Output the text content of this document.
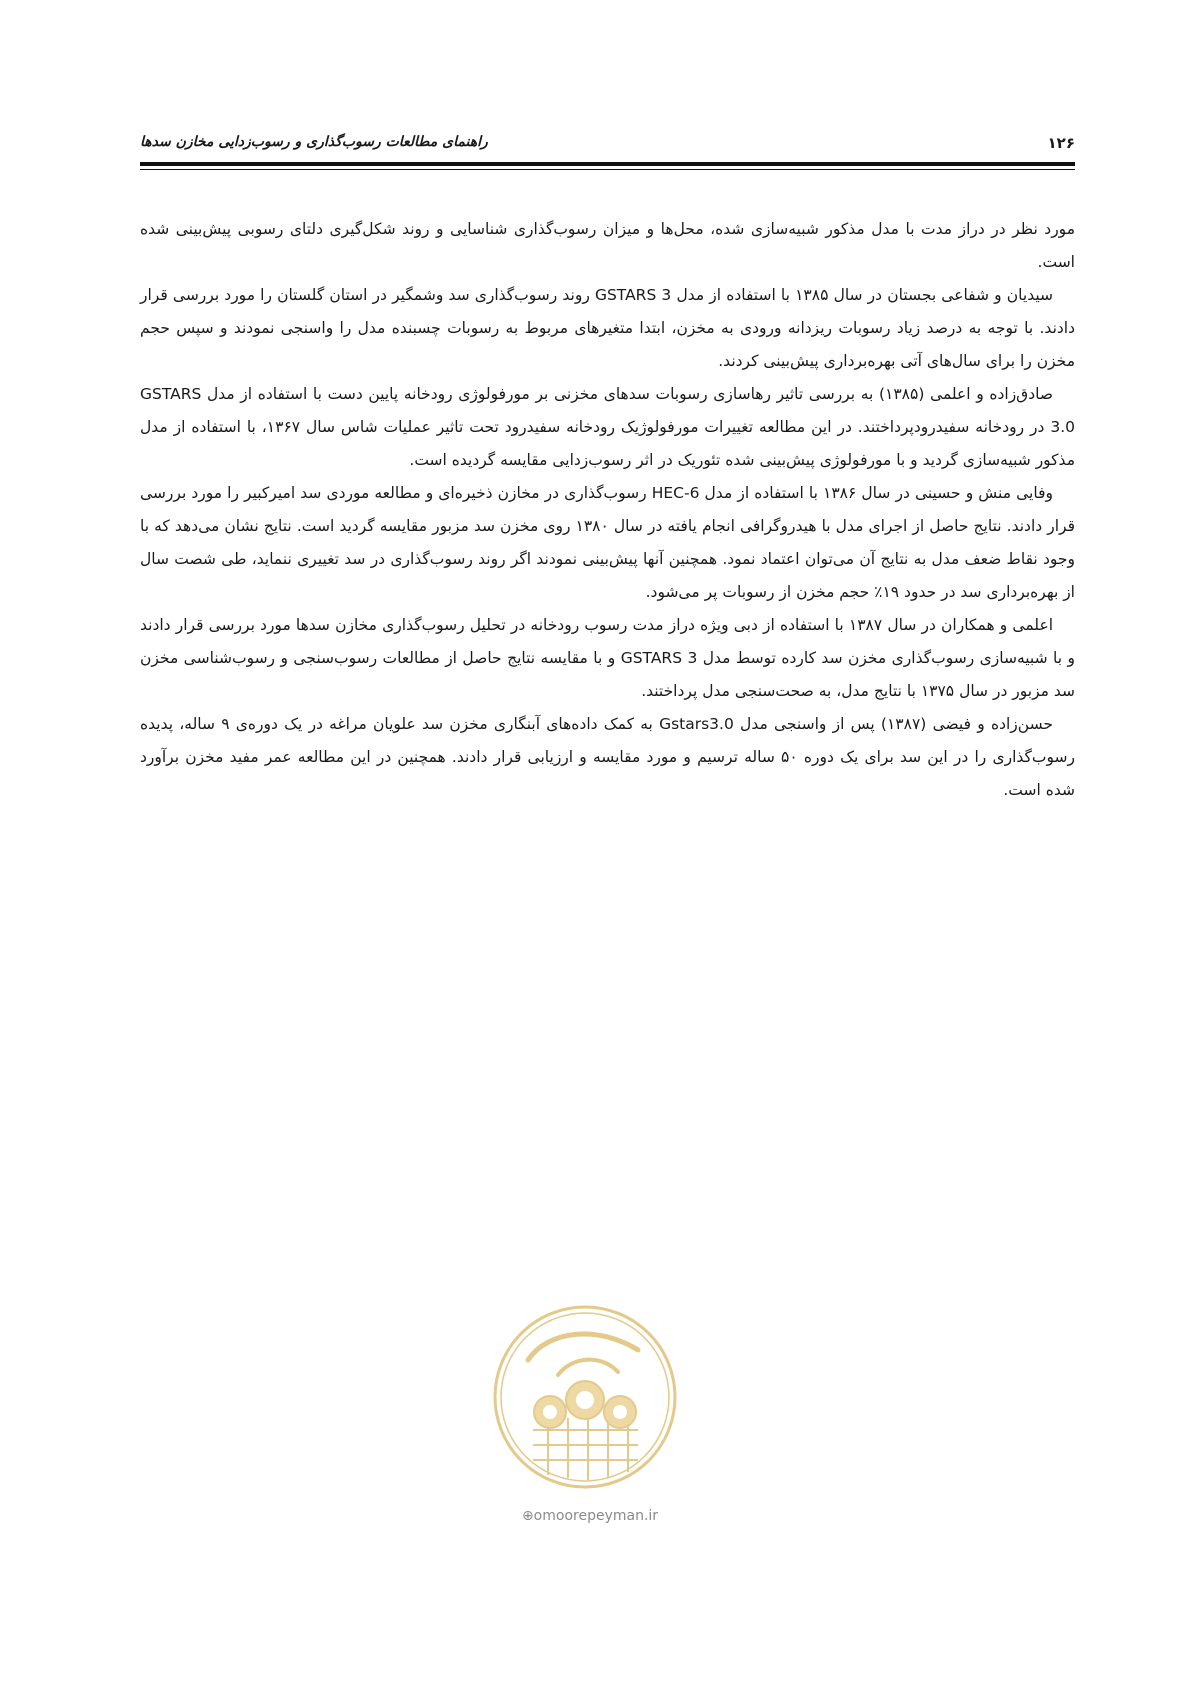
۱۲۶
راهنمای مطالعات رسوب‌گذاری و رسوب‌زدایی مخازن سدها

مورد نظر در دراز مدت با مدل مذکور شبیه‌سازی شده، محل‌ها و میزان رسوب‌گذاری شناسایی و روند شکل‌گیری دلتای رسوبی پیش‌بینی شده است.

سیدیان و شفاعی بجستان در سال ۱۳۸۵ با استفاده از مدل GSTARS 3 روند رسوب‌گذاری سد وشمگیر در استان گلستان را مورد بررسی قرار دادند. با توجه به درصد زیاد رسوبات ریزدانه ورودی به مخزن، ابتدا متغیرهای مربوط به رسوبات چسبنده مدل را واسنجی نمودند و سپس حجم مخزن را برای سال‌های آتی بهره‌برداری پیش‌بینی کردند.

صادق‌زاده و اعلمی (۱۳۸۵) به بررسی تاثیر رهاسازی رسوبات سدهای مخزنی بر مورفولوژی رودخانه پایین دست با استفاده از مدل GSTARS 3.0 در رودخانه سفیدرودپرداختند. در این مطالعه تغییرات مورفولوژیک رودخانه سفیدرود تحت تاثیر عملیات شاس سال ۱۳۶۷، با استفاده از مدل مذکور شبیه‌سازی گردید و با مورفولوژی پیش‌بینی شده تئوریک در اثر رسوب‌زدایی مقایسه گردیده است.

وفایی منش و حسینی در سال ۱۳۸۶ با استفاده از مدل HEC-6 رسوب‌گذاری در مخازن ذخیره‌ای و مطالعه موردی سد امیرکبیر را مورد بررسی قرار دادند. نتایج حاصل از اجرای مدل با هیدروگرافی انجام یافته در سال ۱۳۸۰ روی مخزن سد مزبور مقایسه گردید است. نتایج نشان می‌دهد که با وجود نقاط ضعف مدل به نتایج آن می‌توان اعتماد نمود. همچنین آنها پیش‌بینی نمودند اگر روند رسوب‌گذاری در سد تغییری ننماید، طی شصت سال از بهره‌برداری سد در حدود ۱۹٪ حجم مخزن از رسوبات پر می‌شود.

اعلمی و همکاران در سال ۱۳۸۷ با استفاده از دبی ویژه دراز مدت رسوب رودخانه در تحلیل رسوب‌گذاری مخازن سدها مورد بررسی قرار دادند و با شبیه‌سازی رسوب‌گذاری مخزن سد کارده توسط مدل GSTARS 3 و با مقایسه نتایج حاصل از مطالعات رسوب‌سنجی و رسوب‌شناسی مخزن سد مزبور در سال ۱۳۷۵ با نتایج مدل، به صحت‌سنجی مدل پرداختند.

حسن‌زاده و فیضی (۱۳۸۷) پس از واسنجی مدل Gstars3.0 به کمک داده‌های آبنگاری مخزن سد علویان مراغه در یک دوره‌ی ۹ ساله، پدیده رسوب‌گذاری را در این سد برای یک دوره ۵۰ ساله ترسیم و مورد مقایسه و ارزیابی قرار دادند. همچنین در این مطالعه عمر مفید مخزن برآورد شده است.

⊕omoorepeyman.ir
